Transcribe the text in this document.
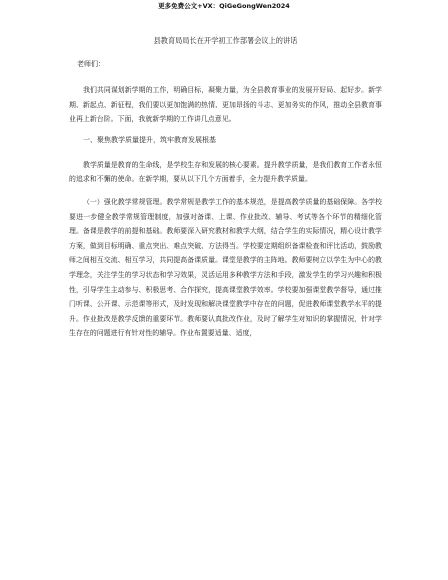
更多免费公文+VX：QiGeGongWen2024
县教育局局长在开学初工作部署会议上的讲话
老师们：

我们共同谋划新学期的工作，明确目标，凝聚力量，为全县教育事业的发展开好局、起好步。新学期、新起点、新征程，我们要以更加饱满的热情、更加昂扬的斗志、更加务实的作风，推动全县教育事业再上新台阶。下面，我就新学期的工作讲几点意见。

一、聚焦教学质量提升，筑牢教育发展根基

教学质量是教育的生命线，是学校生存和发展的核心要素。提升教学质量，是我们教育工作者永恒的追求和不懈的使命。在新学期，要从以下几个方面着手，全力提升教学质量。

（一）强化教学常规管理。教学常规是教学工作的基本规范，是提高教学质量的基础保障。各学校要进一步健全教学常规管理制度，加强对备课、上课、作业批改、辅导、考试等各个环节的精细化管理。备课是教学的前提和基础。教师要深入研究教材和教学大纲，结合学生的实际情况，精心设计教学方案，做到目标明确、重点突出、难点突破、方法得当。学校要定期组织备课检查和评比活动，鼓励教师之间相互交流、相互学习，共同提高备课质量。课堂是教学的主阵地。教师要树立以学生为中心的教学理念，关注学生的学习状态和学习效果，灵活运用多种教学方法和手段，激发学生的学习兴趣和积极性，引导学生主动参与、积极思考、合作探究，提高课堂教学效率。学校要加强课堂教学督导，通过推门听课、公开课、示范课等形式，及时发现和解决课堂教学中存在的问题，促进教师课堂教学水平的提升。作业批改是教学反馈的重要环节。教师要认真批改作业，及时了解学生对知识的掌握情况，针对学生存在的问题进行有针对性的辅导。作业布置要适量、适度，
